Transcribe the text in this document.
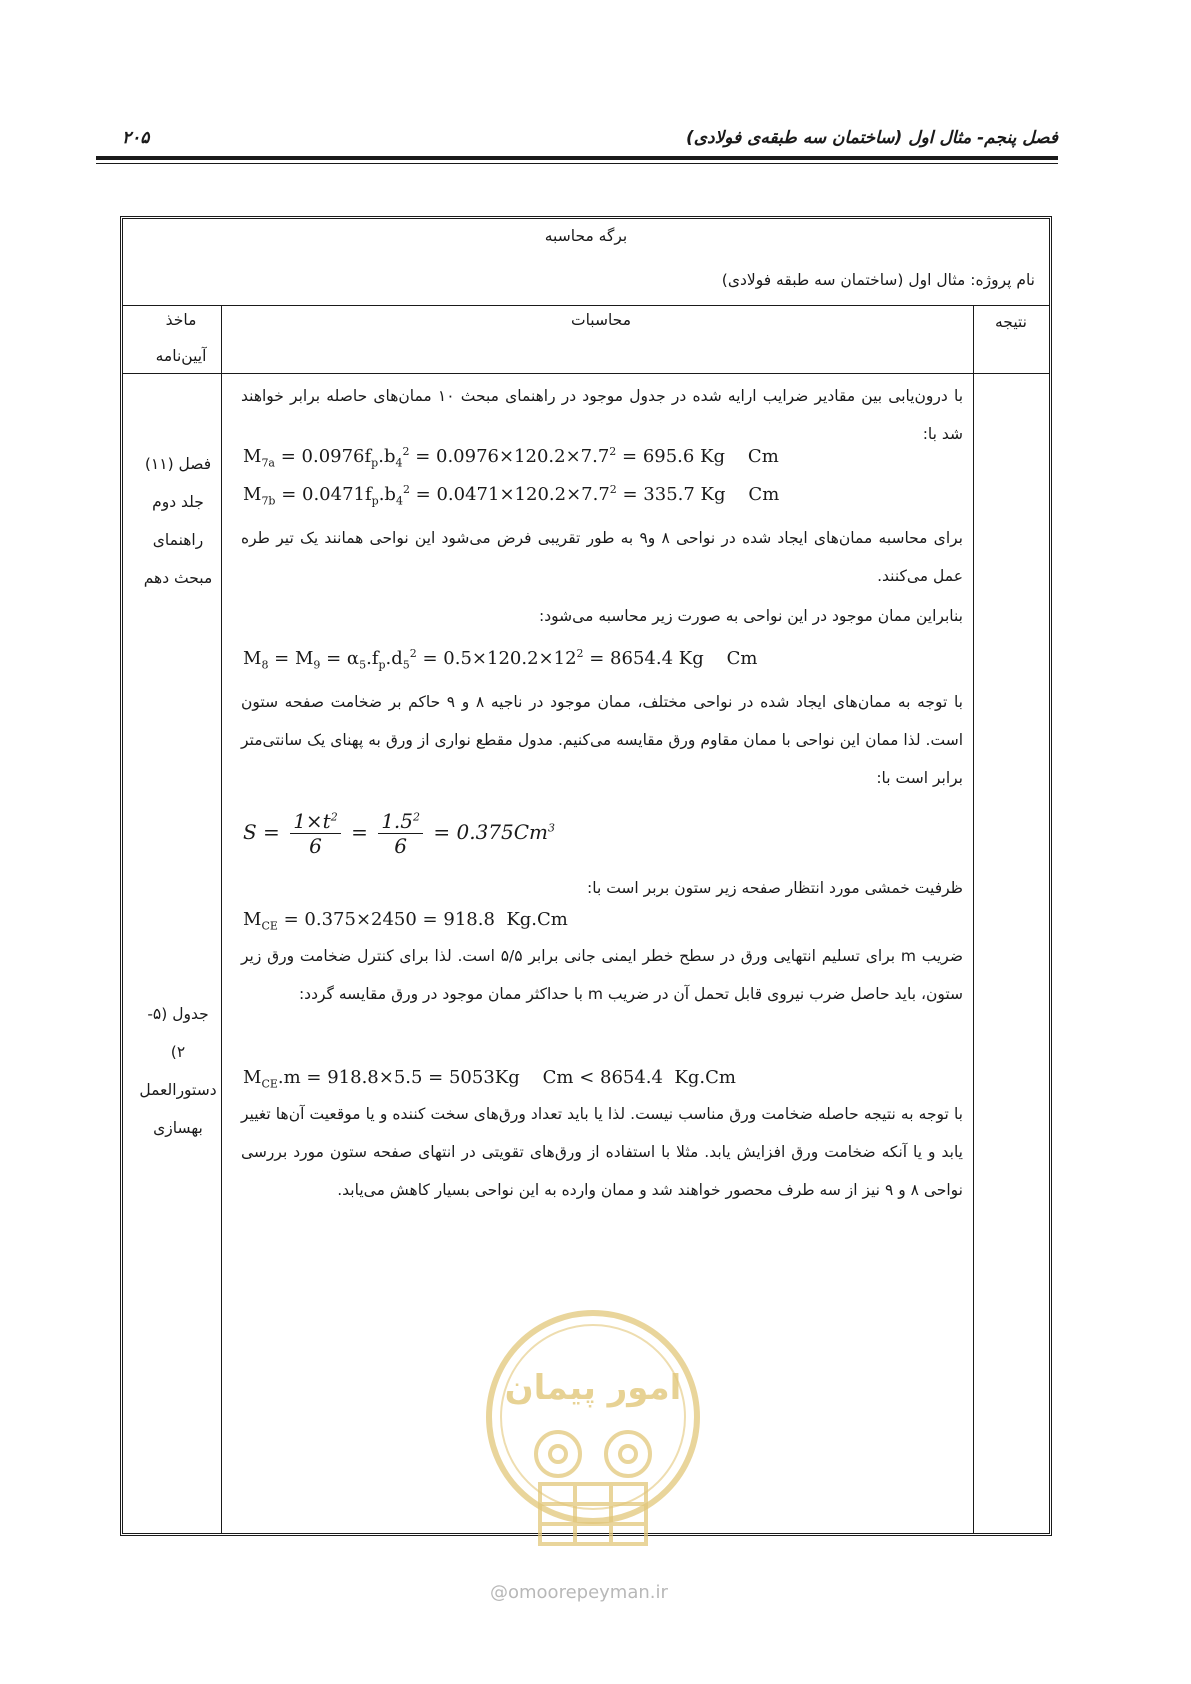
فصل پنجم- مثال اول (ساختمان سه طبقه‌ی فولادی)
۲۰۵
برگه محاسبه
نام پروژه: مثال اول (ساختمان سه طبقه فولادی)
ماخذ
آیین‌نامه
محاسبات	نتیجه
فصل (۱۱)
جلد دوم
راهنمای
مبحث دهم
جدول (۵-
۲)
دستورالعمل
بهسازی
با درون‌یابی بین مقادیر ضرایب ارایه شده در جدول موجود در راهنمای مبحث ۱۰ ممان‌های حاصله برابر خواهند شد با:
$M_{7a} = 0.0976f_p.b_4^2 = 0.0976\times 120.2\times 7.7^2 = 695.6$ Kg    Cm
$M_{7b} = 0.0471f_p.b_4^2 = 0.0471\times 120.2\times 7.7^2 = 335.7$ Kg    Cm
برای محاسبه ممان‌های ایجاد شده در نواحی ۸ و۹ به طور تقریبی فرض می‌شود این نواحی همانند یک تیر طره عمل می‌کنند.
بنابراین ممان موجود در این نواحی به صورت زیر محاسبه می‌شود:
$M_8 = M_9 = \alpha_5.f_p.d_5^2 = 0.5\times 120.2\times 12^2 = 8654.4$ Kg    Cm
با توجه به ممان‌های ایجاد شده در نواحی مختلف، ممان موجود در ناجیه ۸ و ۹ حاکم بر ضخامت صفحه ستون است. لذا ممان این نواحی با ممان مقاوم ورق مقایسه می‌کنیم. مدول مقطع نواری از ورق به پهنای یک سانتی‌متر برابر است با:
$S = \frac{1\times t^2}{6} = \frac{1.5^2}{6} = 0.375Cm^3$
ظرفیت خمشی مورد انتظار صفحه زیر ستون بربر است با:
$M_{CE} = 0.375\times 2450 = 918.8$  Kg.Cm
ضریب m برای تسلیم انتهایی ورق در سطح خطر ایمنی جانی برابر ۵/۵ است. لذا برای کنترل ضخامت ورق زیر ستون، باید حاصل ضرب نیروی قابل تحمل آن در ضریب m با حداکثر ممان موجود در ورق مقایسه گردد:
$M_{CE}.m = 918.8\times 5.5 = 5053Kg$    Cm < 8654.4  Kg.Cm
با توجه به نتیجه حاصله ضخامت ورق مناسب نیست. لذا یا باید تعداد ورق‌های سخت کننده و یا موقعیت آن‌ها تغییر یابد و یا آنکه ضخامت ورق افزایش یابد. مثلا با استفاده از ورق‌های تقویتی در انتهای صفحه ستون مورد بررسی نواحی ۸ و ۹ نیز از سه طرف محصور خواهند شد و ممان وارده به این نواحی بسیار کاهش می‌یابد.
امور پیمان
@omoorepeyman.ir
